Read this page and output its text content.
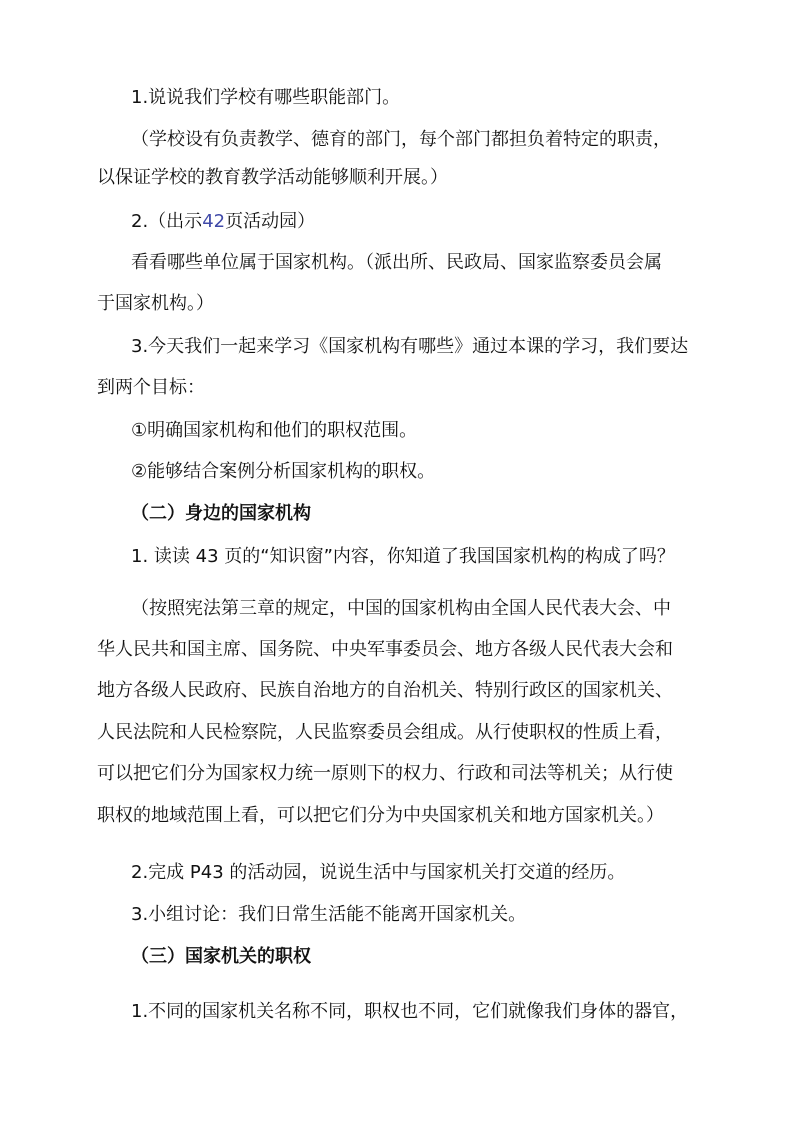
1.说说我们学校有哪些职能部门。
（学校设有负责教学、德育的部门，每个部门都担负着特定的职责，
以保证学校的教育教学活动能够顺利开展。）
2.（出示42页活动园）
看看哪些单位属于国家机构。（派出所、民政局、国家监察委员会属
于国家机构。）
3.今天我们一起来学习《国家机构有哪些》通过本课的学习，我们要达
到两个目标：
①明确国家机构和他们的职权范围。
②能够结合案例分析国家机构的职权。
（二）身边的国家机构
1. 读读 43 页的“知识窗”内容，你知道了我国国家机构的构成了吗？
（按照宪法第三章的规定，中国的国家机构由全国人民代表大会、中
华人民共和国主席、国务院、中央军事委员会、地方各级人民代表大会和
地方各级人民政府、民族自治地方的自治机关、特别行政区的国家机关、
人民法院和人民检察院，人民监察委员会组成。从行使职权的性质上看，
可以把它们分为国家权力统一原则下的权力、行政和司法等机关；从行使
职权的地域范围上看，可以把它们分为中央国家机关和地方国家机关。）
2.完成 P43 的活动园，说说生活中与国家机关打交道的经历。
3.小组讨论：我们日常生活能不能离开国家机关。
（三）国家机关的职权
1.不同的国家机关名称不同，职权也不同，它们就像我们身体的器官，
